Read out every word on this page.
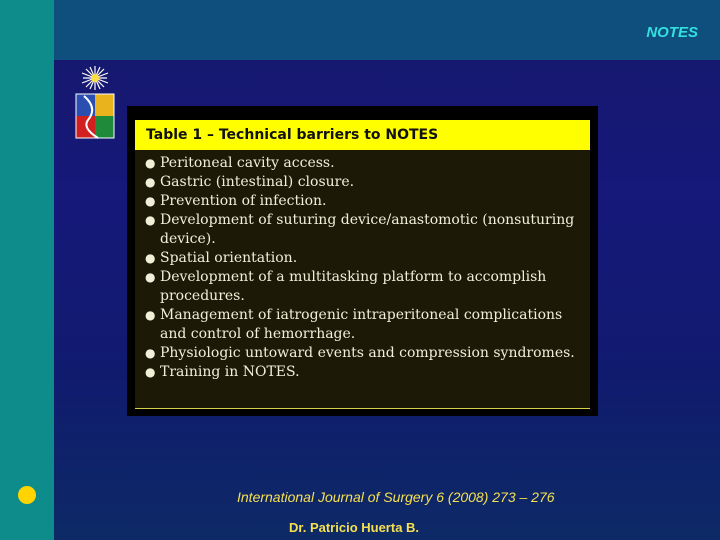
NOTES
Table 1 – Technical barriers to NOTES
● Peritoneal cavity access.
● Gastric (intestinal) closure.
● Prevention of infection.
● Development of suturing device/anastomotic (nonsuturing device).
● Spatial orientation.
● Development of a multitasking platform to accomplish procedures.
● Management of iatrogenic intraperitoneal complications and control of hemorrhage.
● Physiologic untoward events and compression syndromes.
● Training in NOTES.
International Journal of Surgery 6 (2008) 273 – 276
Dr. Patricio Huerta B.
